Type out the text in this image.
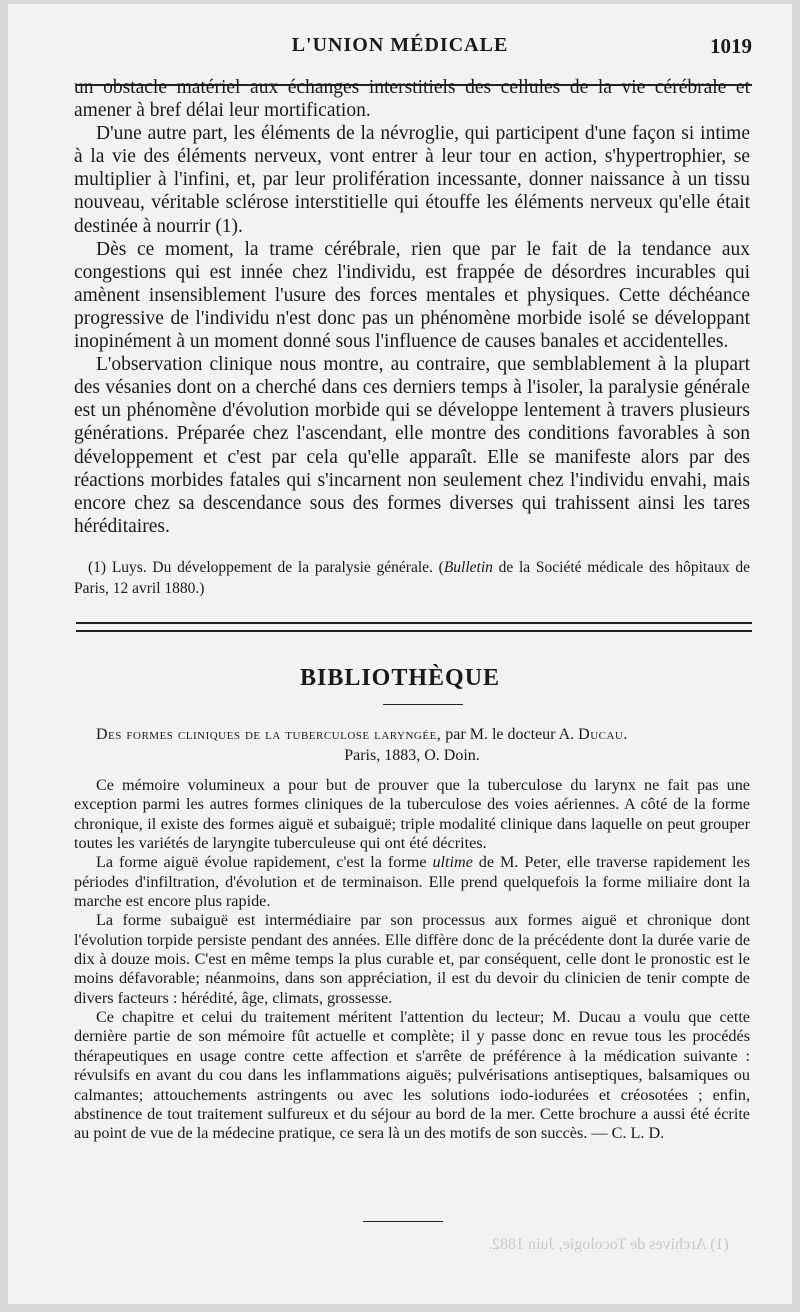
L'UNION MÉDICALE	1019

un obstacle matériel aux échanges interstitiels des cellules de la vie cérébrale et amener à bref délai leur mortification.

D'une autre part, les éléments de la névroglie, qui participent d'une façon si intime à la vie des éléments nerveux, vont entrer à leur tour en action, s'hypertrophier, se multiplier à l'infini, et, par leur prolifération incessante, donner naissance à un tissu nouveau, véritable sclérose interstitielle qui étouffe les éléments nerveux qu'elle était destinée à nourrir (1).

Dès ce moment, la trame cérébrale, rien que par le fait de la tendance aux congestions qui est innée chez l'individu, est frappée de désordres incurables qui amènent insensiblement l'usure des forces mentales et physiques. Cette déchéance progressive de l'individu n'est donc pas un phénomène morbide isolé se développant inopinément à un moment donné sous l'influence de causes banales et accidentelles.

L'observation clinique nous montre, au contraire, que semblablement à la plupart des vésanies dont on a cherché dans ces derniers temps à l'isoler, la paralysie générale est un phénomène d'évolution morbide qui se développe lentement à travers plusieurs générations. Préparée chez l'ascendant, elle montre des conditions favorables à son développement et c'est par cela qu'elle apparaît. Elle se manifeste alors par des réactions morbides fatales qui s'incarnent non seulement chez l'individu envahi, mais encore chez sa descendance sous des formes diverses qui trahissent ainsi les tares héréditaires.

(1) Luys. Du développement de la paralysie générale. (Bulletin de la Société médicale des hôpitaux de Paris, 12 avril 1880.)

BIBLIOTHÈQUE

Des formes cliniques de la tuberculose laryngée, par M. le docteur A. Ducau.

Paris, 1883, O. Doin.

Ce mémoire volumineux a pour but de prouver que la tuberculose du larynx ne fait pas une exception parmi les autres formes cliniques de la tuberculose des voies aériennes. A côté de la forme chronique, il existe des formes aiguë et subaiguë; triple modalité clinique dans laquelle on peut grouper toutes les variétés de laryngite tuberculeuse qui ont été décrites.

La forme aiguë évolue rapidement, c'est la forme ultime de M. Peter, elle traverse rapidement les périodes d'infiltration, d'évolution et de terminaison. Elle prend quelquefois la forme miliaire dont la marche est encore plus rapide.

La forme subaiguë est intermédiaire par son processus aux formes aiguë et chronique dont l'évolution torpide persiste pendant des années. Elle diffère donc de la précédente dont la durée varie de dix à douze mois. C'est en même temps la plus curable et, par conséquent, celle dont le pronostic est le moins défavorable; néanmoins, dans son appréciation, il est du devoir du clinicien de tenir compte de divers facteurs : hérédité, âge, climats, grossesse.

Ce chapitre et celui du traitement méritent l'attention du lecteur; M. Ducau a voulu que cette dernière partie de son mémoire fût actuelle et complète; il y passe donc en revue tous les procédés thérapeutiques en usage contre cette affection et s'arrête de préférence à la médication suivante : révulsifs en avant du cou dans les inflammations aiguës; pulvérisations antiseptiques, balsamiques ou calmantes; attouchements astringents ou avec les solutions iodo-iodurées et créosotées ; enfin, abstinence de tout traitement sulfureux et du séjour au bord de la mer. Cette brochure a aussi été écrite au point de vue de la médecine pratique, ce sera là un des motifs de son succès. — C. L. D.

(1) Archives de Tocologie, Juin 1882.
